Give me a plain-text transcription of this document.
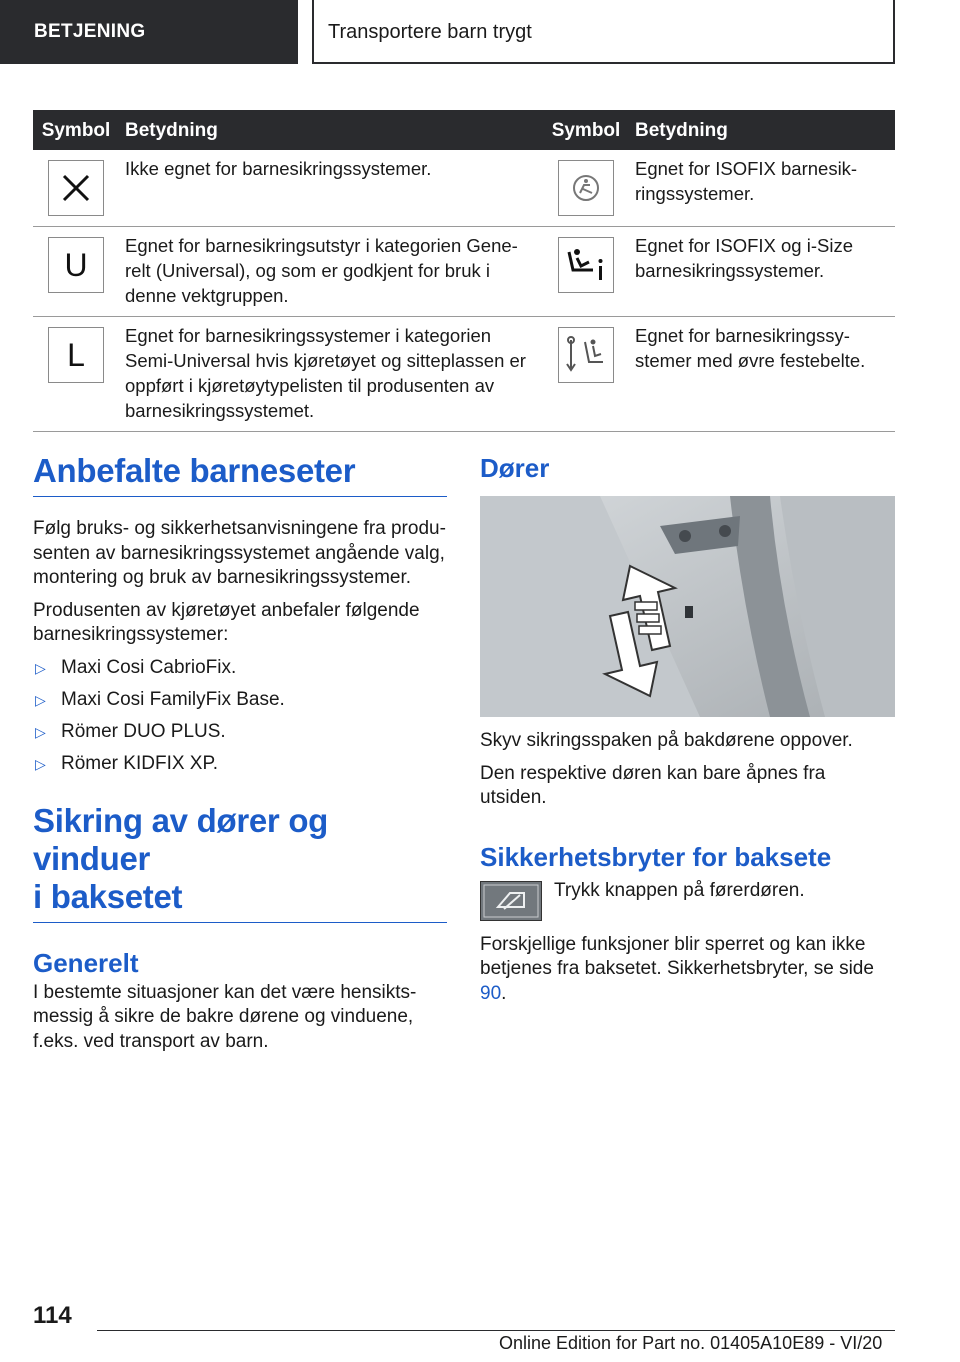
BETJENING	Transportere barn trygt
Symbol	Betydning	Symbol	Betydning

	Ikke egnet for barnesikringssystemer.		Egnet for ISOFIX barnesik-ringssystemer.

U	Egnet for barnesikringsutstyr i kategorien Gene-relt (Universal), og som er godkjent for bruk i denne vektgruppen.		Egnet for ISOFIX og i-Size barnesikringssystemer.

L	Egnet for barnesikringssystemer i kategorien Semi-Universal hvis kjøretøyet og sitteplassen er oppført i kjøretøytypelisten til produsenten av barnesikringssystemet.		Egnet for barnesikringssy-stemer med øvre festebelte.
Anbefalte barneseter

Følg bruks- og sikkerhetsanvisningene fra produ-senten av barnesikringssystemet angående valg, montering og bruk av barnesikringssystemer.

Produsenten av kjøretøyet anbefaler følgende barnesikringssystemer:

▷ Maxi Cosi CabrioFix.
▷ Maxi Cosi FamilyFix Base.
▷ Römer DUO PLUS.
▷ Römer KIDFIX XP.
Sikring av dører og vinduer
i baksetet
Generelt

I bestemte situasjoner kan det være hensikts-messig å sikre de bakre dørene og vinduene, f.eks. ved transport av barn.

Dører

Skyv sikringsspaken på bakdørene oppover.

Den respektive døren kan bare åpnes fra utsiden.

Sikkerhetsbryter for baksete

Trykk knappen på førerdøren.

Forskjellige funksjoner blir sperret og kan ikke betjenes fra baksetet. Sikkerhetsbryter, se side 90.

114
Online Edition for Part no. 01405A10E89 - VI/20
